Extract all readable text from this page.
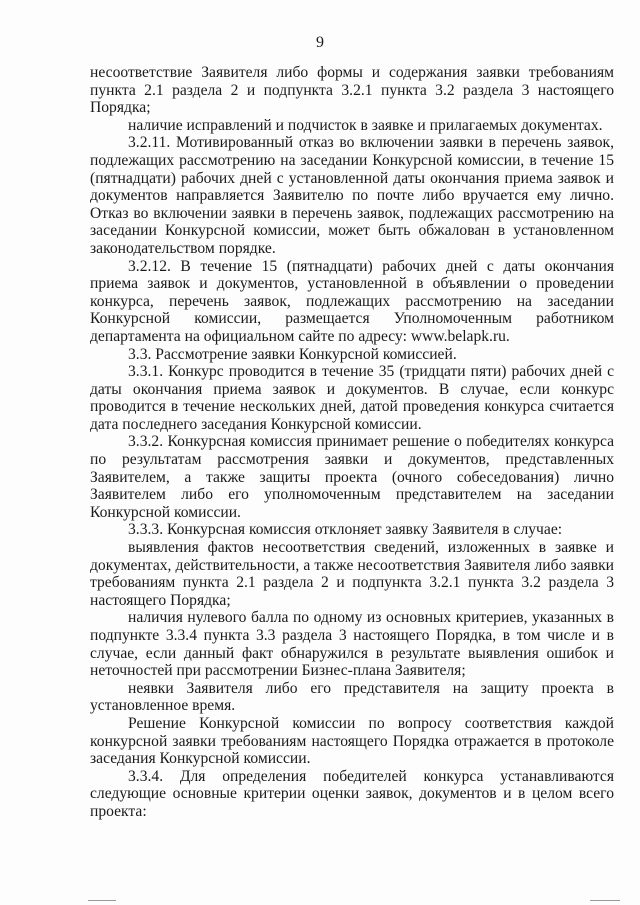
9

несоответствие Заявителя либо формы и содержания заявки требованиям пункта 2.1 раздела 2 и подпункта 3.2.1 пункта 3.2 раздела 3 настоящего Порядка;

наличие исправлений и подчисток в заявке и прилагаемых документах.

3.2.11. Мотивированный отказ во включении заявки в перечень заявок, подлежащих рассмотрению на заседании Конкурсной комиссии, в течение 15 (пятнадцати) рабочих дней с установленной даты окончания приема заявок и документов направляется Заявителю по почте либо вручается ему лично. Отказ во включении заявки в перечень заявок, подлежащих рассмотрению на заседании Конкурсной комиссии, может быть обжалован в установленном законодательством порядке.

3.2.12. В течение 15 (пятнадцати) рабочих дней с даты окончания приема заявок и документов, установленной в объявлении о проведении конкурса, перечень заявок, подлежащих рассмотрению на заседании Конкурсной комиссии, размещается Уполномоченным работником департамента на официальном сайте по адресу: www.belapk.ru.

3.3. Рассмотрение заявки Конкурсной комиссией.

3.3.1. Конкурс проводится в течение 35 (тридцати пяти) рабочих дней с даты окончания приема заявок и документов. В случае, если конкурс проводится в течение нескольких дней, датой проведения конкурса считается дата последнего заседания Конкурсной комиссии.

3.3.2. Конкурсная комиссия принимает решение о победителях конкурса по результатам рассмотрения заявки и документов, представленных Заявителем, а также защиты проекта (очного собеседования) лично Заявителем либо его уполномоченным представителем на заседании Конкурсной комиссии.

3.3.3. Конкурсная комиссия отклоняет заявку Заявителя в случае:

выявления фактов несоответствия сведений, изложенных в заявке и документах, действительности, а также несоответствия Заявителя либо заявки требованиям пункта 2.1 раздела 2 и подпункта 3.2.1 пункта 3.2 раздела 3 настоящего Порядка;

наличия нулевого балла по одному из основных критериев, указанных в подпункте 3.3.4 пункта 3.3 раздела 3 настоящего Порядка, в том числе и в случае, если данный факт обнаружился в результате выявления ошибок и неточностей при рассмотрении Бизнес-плана Заявителя;

неявки Заявителя либо его представителя на защиту проекта в установленное время.

Решение Конкурсной комиссии по вопросу соответствия каждой конкурсной заявки требованиям настоящего Порядка отражается в протоколе заседания Конкурсной комиссии.

3.3.4. Для определения победителей конкурса устанавливаются следующие основные критерии оценки заявок, документов и в целом всего проекта:
